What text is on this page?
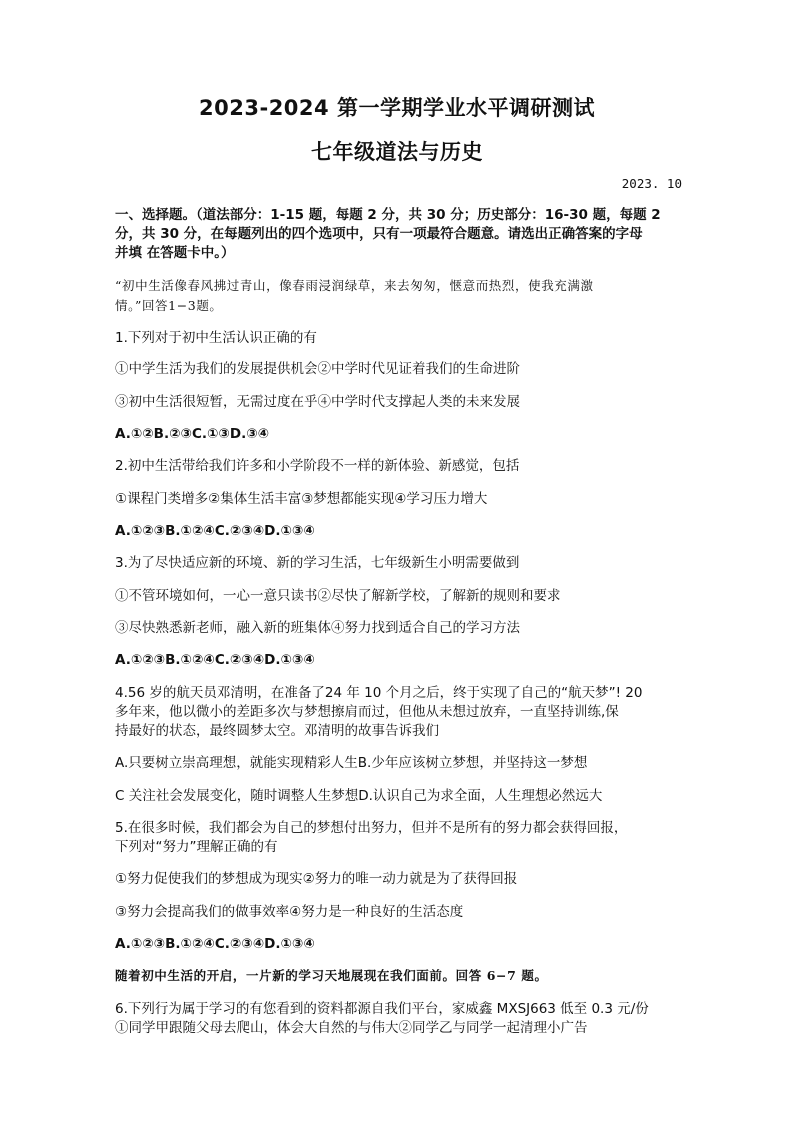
2023-2024 第一学期学业水平调研测试
七年级道法与历史
2023. 10
一、选择题。（道法部分：1-15 题，每题 2 分，共 30 分；历史部分：16-30 题，每题 2
分，共 30 分，在每题列出的四个选项中，只有一项最符合题意。请选出正确答案的字母
并填 在答题卡中。）
“初中生活像春风拂过青山，像春雨浸润绿草，来去匆匆，惬意而热烈，使我充满激
情。”回答1−3题。
1.下列对于初中生活认识正确的有
①中学生活为我们的发展提供机会②中学时代见证着我们的生命进阶
③初中生活很短暂，无需过度在乎④中学时代支撑起人类的未来发展
A.①②B.②③C.①③D.③④
2.初中生活带给我们许多和小学阶段不一样的新体验、新感觉，包括
①课程门类增多②集体生活丰富③梦想都能实现④学习压力增大
A.①②③B.①②④C.②③④D.①③④
3.为了尽快适应新的环境、新的学习生活，七年级新生小明需要做到
①不管环境如何，一心一意只读书②尽快了解新学校，了解新的规则和要求
③尽快熟悉新老师，融入新的班集体④努力找到适合自己的学习方法
A.①②③B.①②④C.②③④D.①③④
4.56 岁的航天员邓清明，在准备了24 年 10 个月之后，终于实现了自己的“航天梦”! 20
多年来，他以微小的差距多次与梦想擦肩而过，但他从未想过放弃，一直坚持训练,保
持最好的状态，最终圆梦太空。邓清明的故事告诉我们
A.只要树立崇高理想，就能实现精彩人生B.少年应该树立梦想，并坚持这一梦想
C 关注社会发展变化，随时调整人生梦想D.认识自己为求全面，人生理想必然远大
5.在很多时候，我们都会为自己的梦想付出努力，但并不是所有的努力都会获得回报，
下列对“努力”理解正确的有
①努力促使我们的梦想成为现实②努力的唯一动力就是为了获得回报
③努力会提高我们的做事效率④努力是一种良好的生活态度
A.①②③B.①②④C.②③④D.①③④
随着初中生活的开启，一片新的学习天地展现在我们面前。回答 6−7 题。
6.下列行为属于学习的有您看到的资料都源自我们平台，家威鑫 MXSJ663 低至 0.3 元/份
①同学甲跟随父母去爬山，体会大自然的与伟大②同学乙与同学一起清理小广告
